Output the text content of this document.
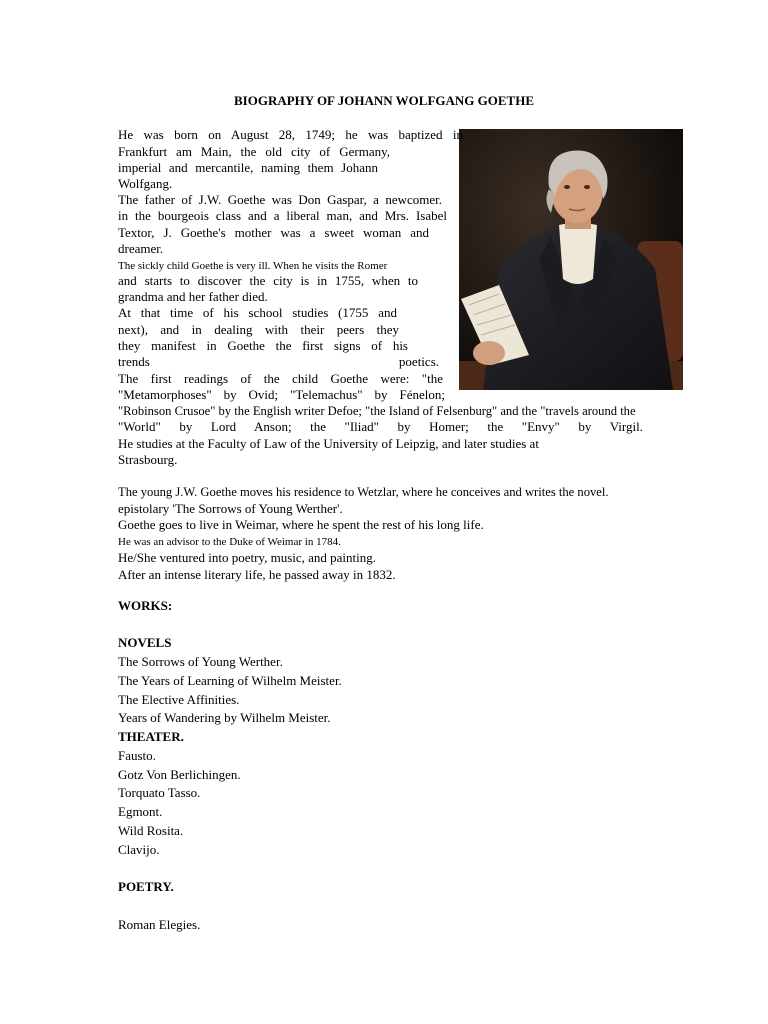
BIOGRAPHY OF JOHANN WOLFGANG GOETHE

He was born on August 28, 1749; he was baptized in

Frankfurt am Main, the old city of Germany,

imperial and mercantile, naming them Johann

Wolfgang.

The father of J.W. Goethe was Don Gaspar, a newcomer.

in the bourgeois class and a liberal man, and Mrs. Isabel

Textor, J. Goethe's mother was a sweet woman and

dreamer.

The sickly child Goethe is very ill. When he visits the Romer

and starts to discover the city is in 1755, when to

grandma and her father died.

At that time of his school studies (1755 and

next), and in dealing with their peers they

they manifest in Goethe the first signs of his

trends poetics.

The first readings of the child Goethe were: "the

"Metamorphoses" by Ovid; "Telemachus" by Fénelon;

"Robinson Crusoe" by the English writer Defoe; "the Island of Felsenburg" and the "travels around the

"World" by Lord Anson; the "Iliad" by Homer; the "Envy" by Virgil.

He studies at the Faculty of Law of the University of Leipzig, and later studies at

Strasbourg.

The young J.W. Goethe moves his residence to Wetzlar, where he conceives and writes the novel.

epistolary 'The Sorrows of Young Werther'.

Goethe goes to live in Weimar, where he spent the rest of his long life.

He was an advisor to the Duke of Weimar in 1784.

He/She ventured into poetry, music, and painting.

After an intense literary life, he passed away in 1832.

WORKS:

NOVELS

The Sorrows of Young Werther.

The Years of Learning of Wilhelm Meister.

The Elective Affinities.

Years of Wandering by Wilhelm Meister.

THEATER.

Fausto.

Gotz Von Berlichingen.

Torquato Tasso.

Egmont.

Wild Rosita.

Clavijo.

POETRY.

Roman Elegies.
